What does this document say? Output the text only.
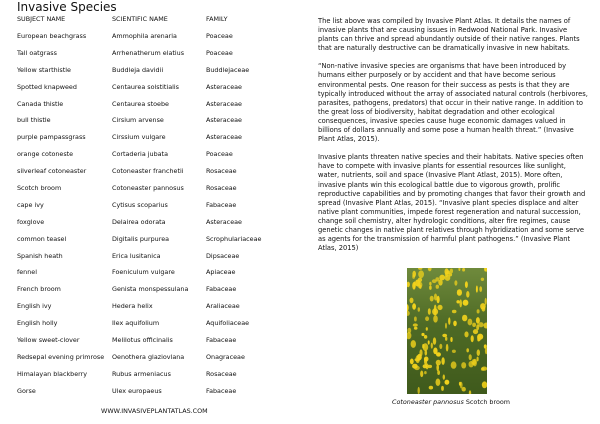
Invasive Species
SUBJECT NAME	SCIENTIFIC NAME	FAMILY
European beachgrass	Ammophila arenaria	Poaceae
Tall oatgrass	Arrhenatherum elatius	Poaceae
Yellow starthistle	Buddleja davidii	Buddlejaceae
Spotted knapweed	Centaurea solstitialis	Asteraceae
Canada thistle	Centaurea stoebe	Asteraceae
bull thistle	Cirsium arvense	Asteraceae
purple pampassgrass	Cirssium vulgare	Asteraceae
orange cotoneste	Cortaderia jubata	Poaceae
silverleaf cotoneaster	Cotoneaster franchetii	Rosaceae
Scotch broom	Cotoneaster pannosus	Rosaceae
cape ivy	Cytisus scoparius	Fabaceae
foxglove	Delairea odorata	Asteraceae
common teasel	Digitalis purpurea	Scrophulariaceae
Spanish heath	Erica lusitanica	Dipsaceae
fennel	Foeniculum vulgare	Apiaceae
French broom	Genista monspessulana	Fabaceae
English ivy	Hedera helix	Araliaceae
English holly	Ilex aquifolium	Aquifoliaceae
Yellow sweet-clover	Melilotus officinalis	Fabaceae
Redsepal evening primrose	Oenothera glaziovlana	Onagraceae
Himalayan blackberry	Rubus armeniacus	Rosaceae
Gorse	Ulex europaeus	Fabaceae
WWW.INVASIVEPLANTATLAS.COM

The list above was compiled by Invasive Plant Atlas. It details the names of invasive plants that are causing issues in Redwood National Park. Invasive plants can thrive and spread abundantly outside of their native ranges. Plants that are naturally destructive can be dramatically invasive in new habitats.

“Non-native invasive species are organisms that have been introduced by humans either purposely or by accident and that have become serious environmental pests. One reason for their success as pests is that they are typically introduced without the array of associated natural controls (herbivores, parasites, pathogens, predators) that occur in their native range. In addition to the great loss of biodiversity, habitat degradation and other ecological consequences, invasive species cause huge economic damages valued in billions of dollars annually and some pose a human health threat.” (Invasive Plant Atlas, 2015).

Invasive plants threaten native species and their habitats. Native species often have to compete with invasive plants for essential resources like sunlight, water, nutrients, soil and space (Invasive Plant Atlast, 2015). More often, invasive plants win this ecological battle due to vigorous growth, prolific reproductive capabilities and by promoting changes that favor their growth and spread (Invasive Plant Atlas, 2015). “Invasive plant species displace and alter native plant communities, impede forest regeneration and natural succession, change soil chemistry, alter hydrologic conditions, alter fire regimes, cause genetic changes in native plant relatives through hybridization and some serve as agents for the transmission of harmful plant pathogens.” (Invasive Plant Atlas, 2015)

Cotoneaster pannosus Scotch broom
